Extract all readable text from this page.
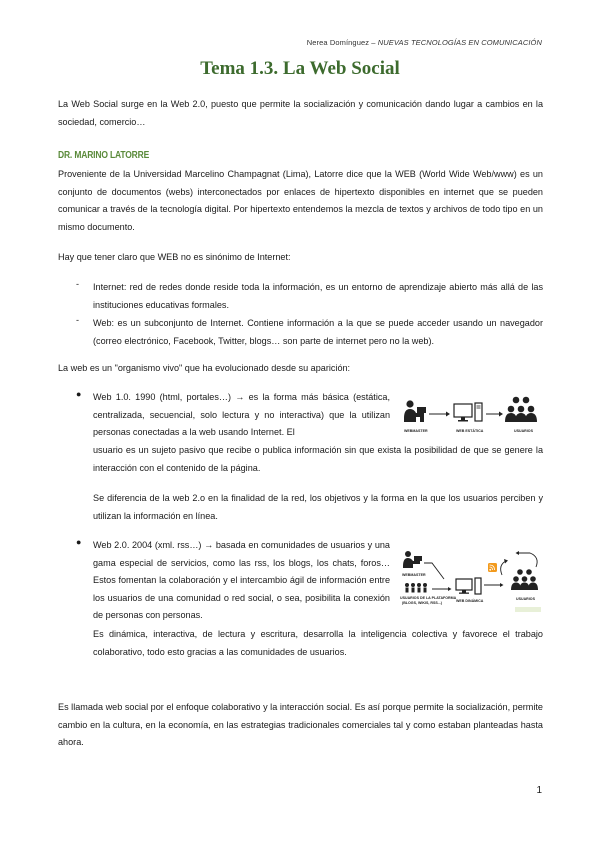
Nerea Domínguez – NUEVAS TECNOLOGÍAS EN COMUNICACIÓN
Tema 1.3. La Web Social

La Web Social surge en la Web 2.0, puesto que permite la socialización y comunicación dando lugar a cambios en la sociedad, comercio…

DR. MARINO LATORRE

Proveniente de la Universidad Marcelino Champagnat (Lima), Latorre dice que la WEB (World Wide Web/www) es un conjunto de documentos (webs) interconectados por enlaces de hipertexto disponibles en internet que se pueden comunicar a través de la tecnología digital. Por hipertexto entendemos la mezcla de textos y archivos de todo tipo en un mismo documento.

Hay que tener claro que WEB no es sinónimo de Internet:

- Internet: red de redes donde reside toda la información, es un entorno de aprendizaje abierto más allá de las instituciones educativas formales.

- Web: es un subconjunto de Internet. Contiene información a la que se puede acceder usando un navegador (correo electrónico, Facebook, Twitter, blogs… son parte de internet pero no la web).

La web es un "organismo vivo" que ha evolucionado desde su aparición:

● Web 1.0. 1990 (html, portales…) → es la forma más básica (estática, centralizada, secuencial, solo lectura y no interactiva) que la utilizan personas conectadas a la web usando Internet. El

usuario es un sujeto pasivo que recibe o publica información sin que exista la posibilidad de que se genere la interacción con el contenido de la página.

WEBMASTER	WEB ESTÁTICA	USUARIOS

Se diferencia de la web 2.o en la finalidad de la red, los objetivos y la forma en la que los usuarios perciben y utilizan la información en línea.

● Web 2.0. 2004 (xml. rss…) → basada en comunidades de usuarios y una gama especial de servicios, como las rss, los blogs, los chats, foros… Estos fomentan la colaboración y el intercambio ágil de información entre los usuarios de una comunidad o red social, o sea, posibilita la conexión de personas con personas.

WEBMASTER
USUARIOS DE LA PLATAFORMA
(BLOGS, WIKIS, RSS...)	WEB DINÁMICA	USUARIOS

Es dinámica, interactiva, de lectura y escritura, desarrolla la inteligencia colectiva y favorece el trabajo colaborativo, todo esto gracias a las comunidades de usuarios.

Es llamada web social por el enfoque colaborativo y la interacción social. Es así porque permite la socialización, permite cambio en la cultura, en la economía, en las estrategias tradicionales comerciales tal y como estaban planteadas hasta ahora.

1
